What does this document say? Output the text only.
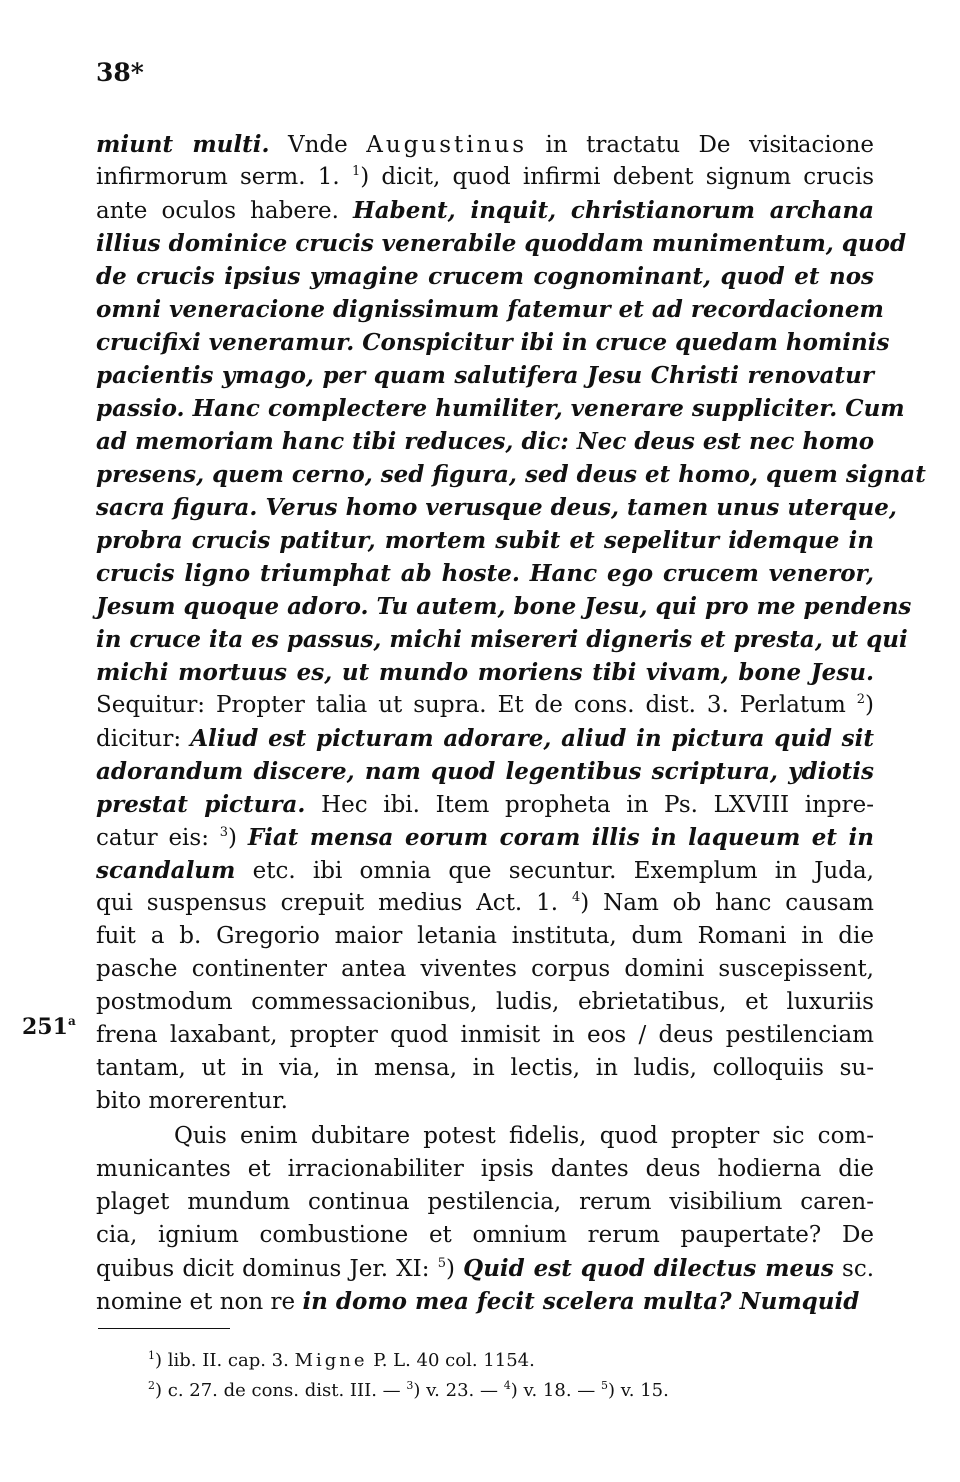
38*
miunt multi. Vnde Augustinus in tractatu De visitacione
infirmorum serm. 1. $^1$) dicit, quod infirmi debent signum crucis
ante oculos habere. Habent, inquit, christianorum archana
illius dominice crucis venerabile quoddam munimentum, quod
de crucis ipsius ymagine crucem cognominant, quod et nos
omni veneracione dignissimum fatemur et ad recordacionem
crucifixi veneramur. Conspicitur ibi in cruce quedam hominis
pacientis ymago, per quam salutifera Jesu Christi renovatur
passio. Hanc complectere humiliter, venerare suppliciter. Cum
ad memoriam hanc tibi reduces, dic: Nec deus est nec homo
presens, quem cerno, sed figura, sed deus et homo, quem signat
sacra figura. Verus homo verusque deus, tamen unus uterque,
probra crucis patitur, mortem subit et sepelitur idemque in
crucis ligno triumphat ab hoste. Hanc ego crucem veneror,
Jesum quoque adoro. Tu autem, bone Jesu, qui pro me pendens
in cruce ita es passus, michi misereri digneris et presta, ut qui
michi mortuus es, ut mundo moriens tibi vivam, bone Jesu.
Sequitur: Propter talia ut supra. Et de cons. dist. 3. Perlatum $^2$)
dicitur: Aliud est picturam adorare, aliud in pictura quid sit
adorandum discere, nam quod legentibus scriptura, ydiotis
prestat pictura. Hec ibi. Item propheta in Ps. LXVIII inpre-
catur eis: $^3$) Fiat mensa eorum coram illis in laqueum et in
scandalum etc. ibi omnia que secuntur. Exemplum in Juda,
qui suspensus crepuit medius Act. 1. $^4$) Nam ob hanc causam
fuit a b. Gregorio maior letania instituta, dum Romani in die
pasche continenter antea viventes corpus domini suscepissent,
postmodum commessacionibus, ludis, ebrietatibus, et luxuriis
frena laxabant, propter quod inmisit in eos / deus pestilenciam
tantam, ut in via, in mensa, in lectis, in ludis, colloquiis su-
bito morerentur.
Quis enim dubitare potest fidelis, quod propter sic com-
municantes et irracionabiliter ipsis dantes deus hodierna die
plaget mundum continua pestilencia, rerum visibilium caren-
cia, ignium combustione et omnium rerum paupertate? De
quibus dicit dominus Jer. XI: $^5$) Quid est quod dilectus meus sc.
nomine et non re in domo mea fecit scelera multa? Numquid
251$^a$
$^1$) lib. II. cap. 3. Migne P. L. 40 col. 1154.
$^2$) c. 27. de cons. dist. III. — $^3$) v. 23. — $^4$) v. 18. — $^5$) v. 15.
